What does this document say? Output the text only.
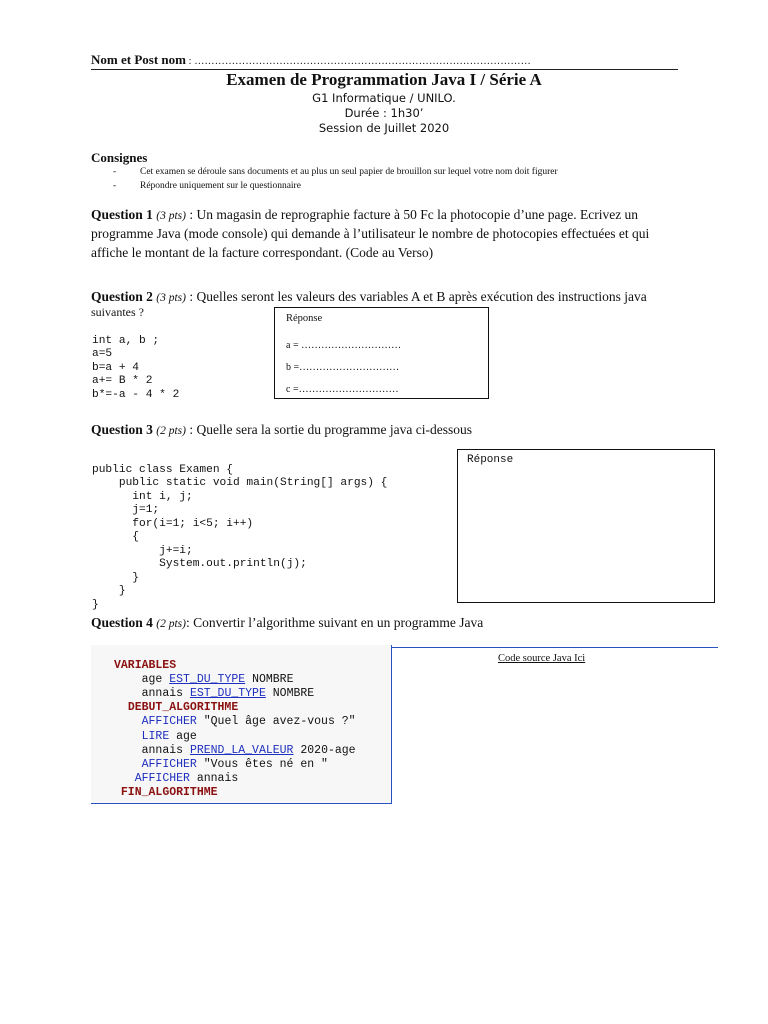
Nom et Post nom : ………………………………………………………………………………………
Examen de Programmation Java I / Série A
G1 Informatique / UNILO.
Durée : 1h30’
Session de Juillet 2020
Consignes
-	Cet examen se déroule sans documents et au plus un seul papier de brouillon sur lequel votre nom doit figurer
-	Répondre uniquement sur le questionnaire
Question 1 (3 pts) : Un magasin de reprographie facture à 50 Fc la photocopie d’une page. Ecrivez un
programme Java (mode console) qui demande à l’utilisateur le nombre de photocopies effectuées et qui
affiche le montant de la facture correspondant. (Code au Verso)
Question 2 (3 pts) : Quelles seront les valeurs des variables A et B après exécution des instructions java
suivantes ?

int a, b ;
a=5
b=a + 4
a+= B * 2
b*=-a - 4 * 2
Réponse
a = …………………………
b =…………………………
c =…………………………
Question 3 (2 pts) : Quelle sera la sortie du programme java ci-dessous

public class Examen {
public static void main(String[] args) {
int i, j;
j=1;
for(i=1; i<5; i++)
{
j+=i;
System.out.println(j);
}
}
}
Réponse
Question 4 (2 pts): Convertir l’algorithme suivant en un programme Java

VARIABLES
age EST_DU_TYPE NOMBRE
annais EST_DU_TYPE NOMBRE
DEBUT_ALGORITHME
AFFICHER "Quel âge avez-vous ?"
LIRE age
annais PREND_LA_VALEUR 2020-age
AFFICHER "Vous êtes né en "
AFFICHER annais
FIN_ALGORITHME
Code source Java Ici
